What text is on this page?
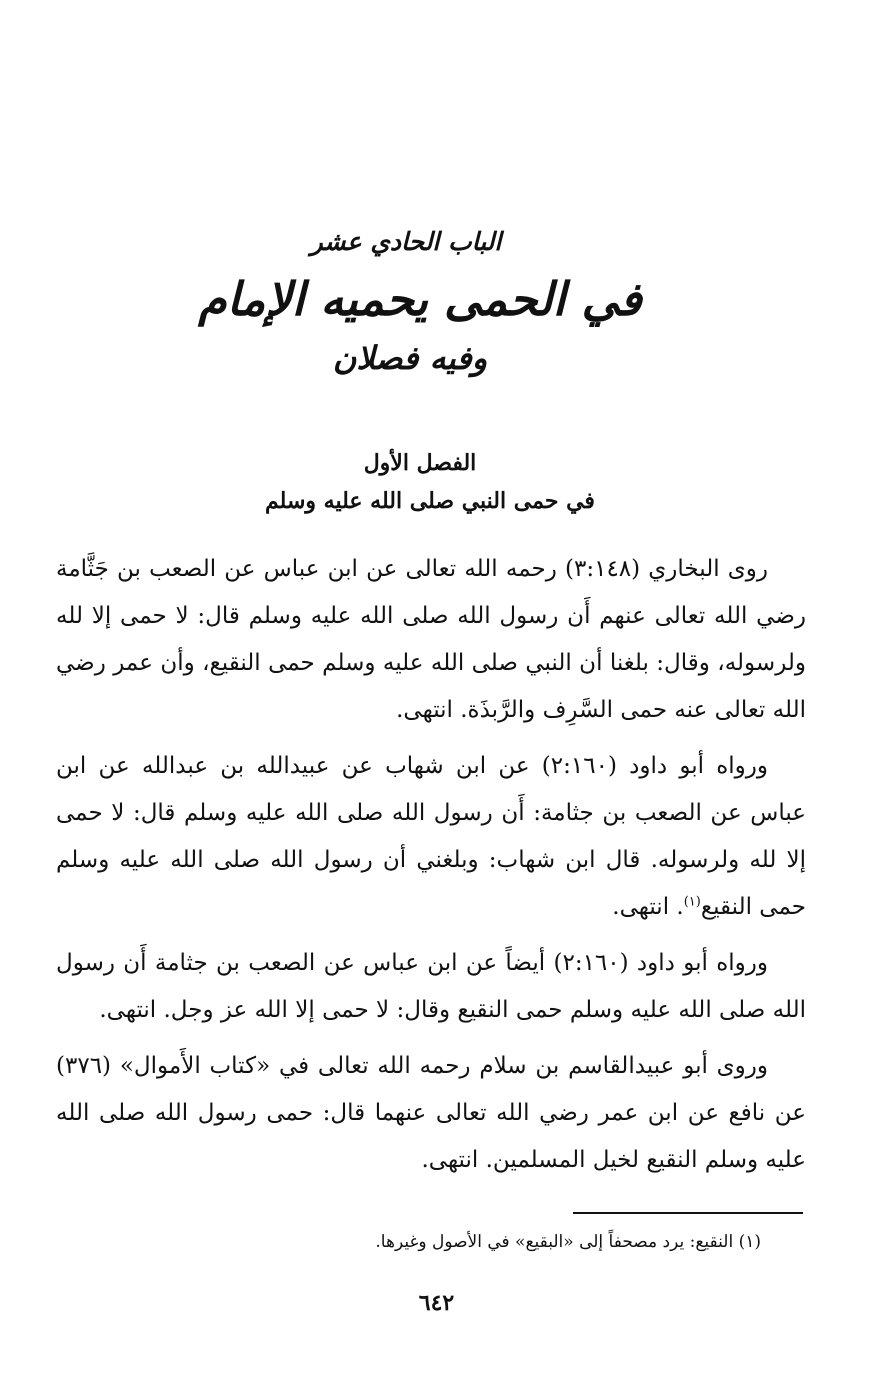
الباب الحادي عشر
في الحمى يحميه الإمام
وفيه فصلان
الفصل الأول
في حمى النبي صلى الله عليه وسلم

روى البخاري (٣:١٤٨) رحمه الله تعالى عن ابن عباس عن الصعب بن جَثَّامة رضي الله تعالى عنهم أَن رسول الله صلى الله عليه وسلم قال: لا حمى إلا لله ولرسوله، وقال: بلغنا أن النبي صلى الله عليه وسلم حمى النقيع، وأن عمر رضي الله تعالى عنه حمى السَّرِف والرَّبذَة. انتهى.

ورواه أبو داود (٢:١٦٠) عن ابن شهاب عن عبيدالله بن عبدالله عن ابن عباس عن الصعب بن جثامة: أَن رسول الله صلى الله عليه وسلم قال: لا حمى إلا لله ولرسوله. قال ابن شهاب: وبلغني أن رسول الله صلى الله عليه وسلم حمى النقيع$^{(١)}$. انتهى.

ورواه أبو داود (٢:١٦٠) أيضاً عن ابن عباس عن الصعب بن جثامة أَن رسول الله صلى الله عليه وسلم حمى النقيع وقال: لا حمى إلا الله عز وجل. انتهى.

وروى أبو عبيدالقاسم بن سلام رحمه الله تعالى في «كتاب الأَموال» (٣٧٦) عن نافع عن ابن عمر رضي الله تعالى عنهما قال: حمى رسول الله صلى الله عليه وسلم النقيع لخيل المسلمين. انتهى.

(١) النقيع: يرد مصحفاً إلى «البقيع» في الأصول وغيرها.
٦٤٢
